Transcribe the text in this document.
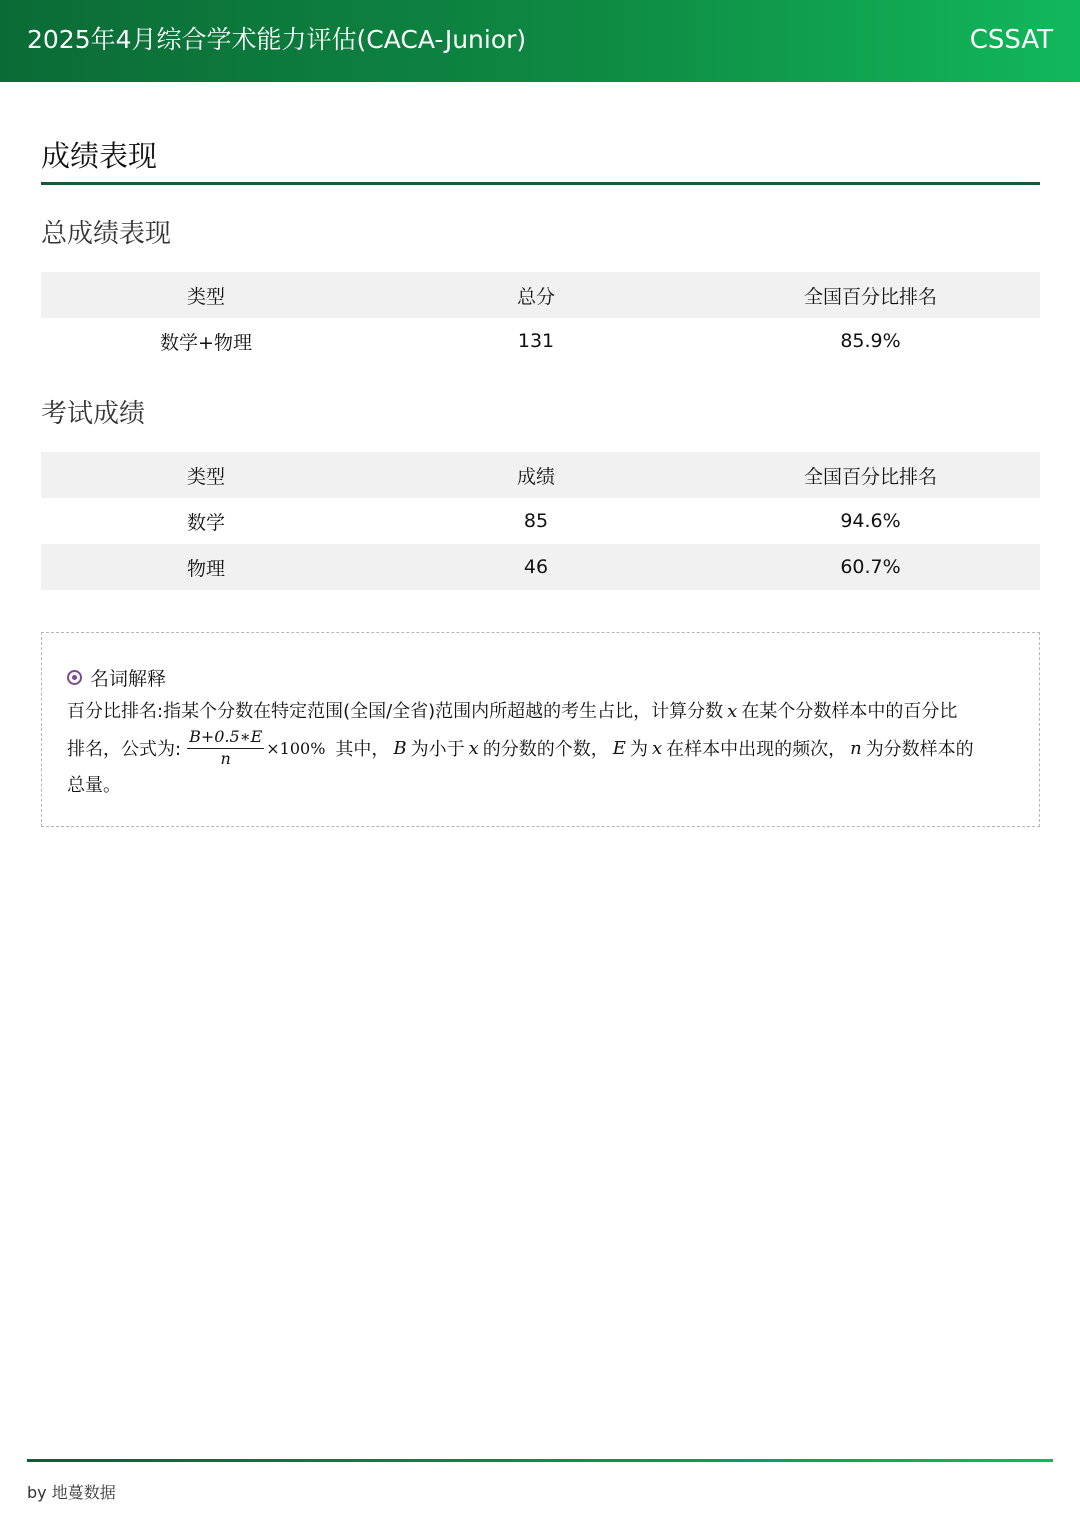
2025年4月综合学术能力评估(CACA-Junior)	CSSAT
成绩表现
总成绩表现
类型	总分	全国百分比排名
数学+物理	131	85.9%
考试成绩
类型	成绩	全国百分比排名
数学	85	94.6%
物理	46	60.7%
名词解释
百分比排名:指某个分数在特定范围(全国/全省)范围内所超越的考生占比，计算分数 x 在某个分数样本中的百分比
排名，公式为: $\frac{B+0.5∗E}{n} \times 100\%$ 其中， B 为小于 x 的分数的个数， E 为 x 在样本中出现的频次， n 为分数样本的
总量。
by 地蔓数据
